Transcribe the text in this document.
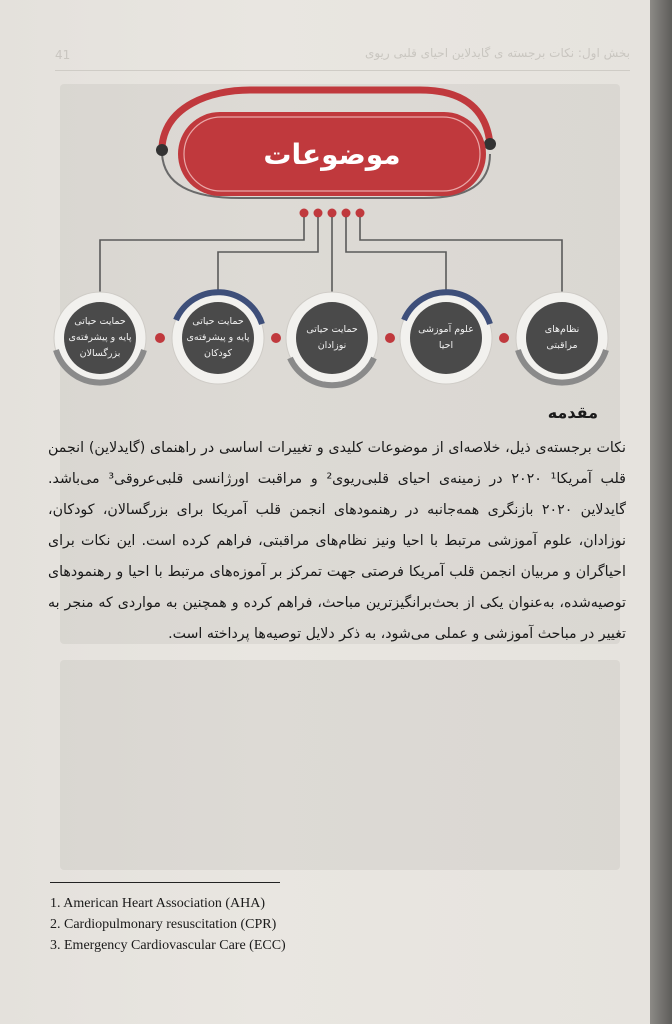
بخش اول: نکات برجسته ی گایدلاین احیای قلبی ریوی
41
موضوعات
نظام‌های
مراقبتی
علوم آموزشی
احیا
حمایت حیاتی
نوزادان
حمایت حیاتی
پایه و پیشرفته‌ی
کودکان
حمایت حیاتی
پایه و پیشرفته‌ی
بزرگسالان
مقدمه
نکات برجسته‌ی ذیل، خلاصه‌ای از موضوعات کلیدی و تغییرات اساسی در راهنمای (گایدلاین) انجمن قلب آمریکا¹ ۲۰۲۰ در زمینه‌ی احیای قلبی‌ریوی² و مراقبت اورژانسی قلبی‌عروقی³ می‌باشد. گایدلاین ۲۰۲۰ بازنگری همه‌جانبه در رهنمودهای انجمن قلب آمریکا برای بزرگسالان، کودکان، نوزادان، علوم آموزشی مرتبط با احیا ونیز نظام‌های مراقبتی، فراهم کرده است. این نکات برای احیاگران و مربیان انجمن قلب آمریکا فرصتی جهت تمرکز بر آموزه‌های مرتبط با احیا و رهنمودهای توصیه‌شده، به‌عنوان یکی از بحث‌برانگیزترین مباحث، فراهم کرده و همچنین به مواردی که منجر به تغییر در مباحث آموزشی و عملی می‌شود، به ذکر دلایل توصیه‌ها پرداخته است.
1. American Heart Association (AHA)
2. Cardiopulmonary resuscitation (CPR)
3. Emergency Cardiovascular Care (ECC)
